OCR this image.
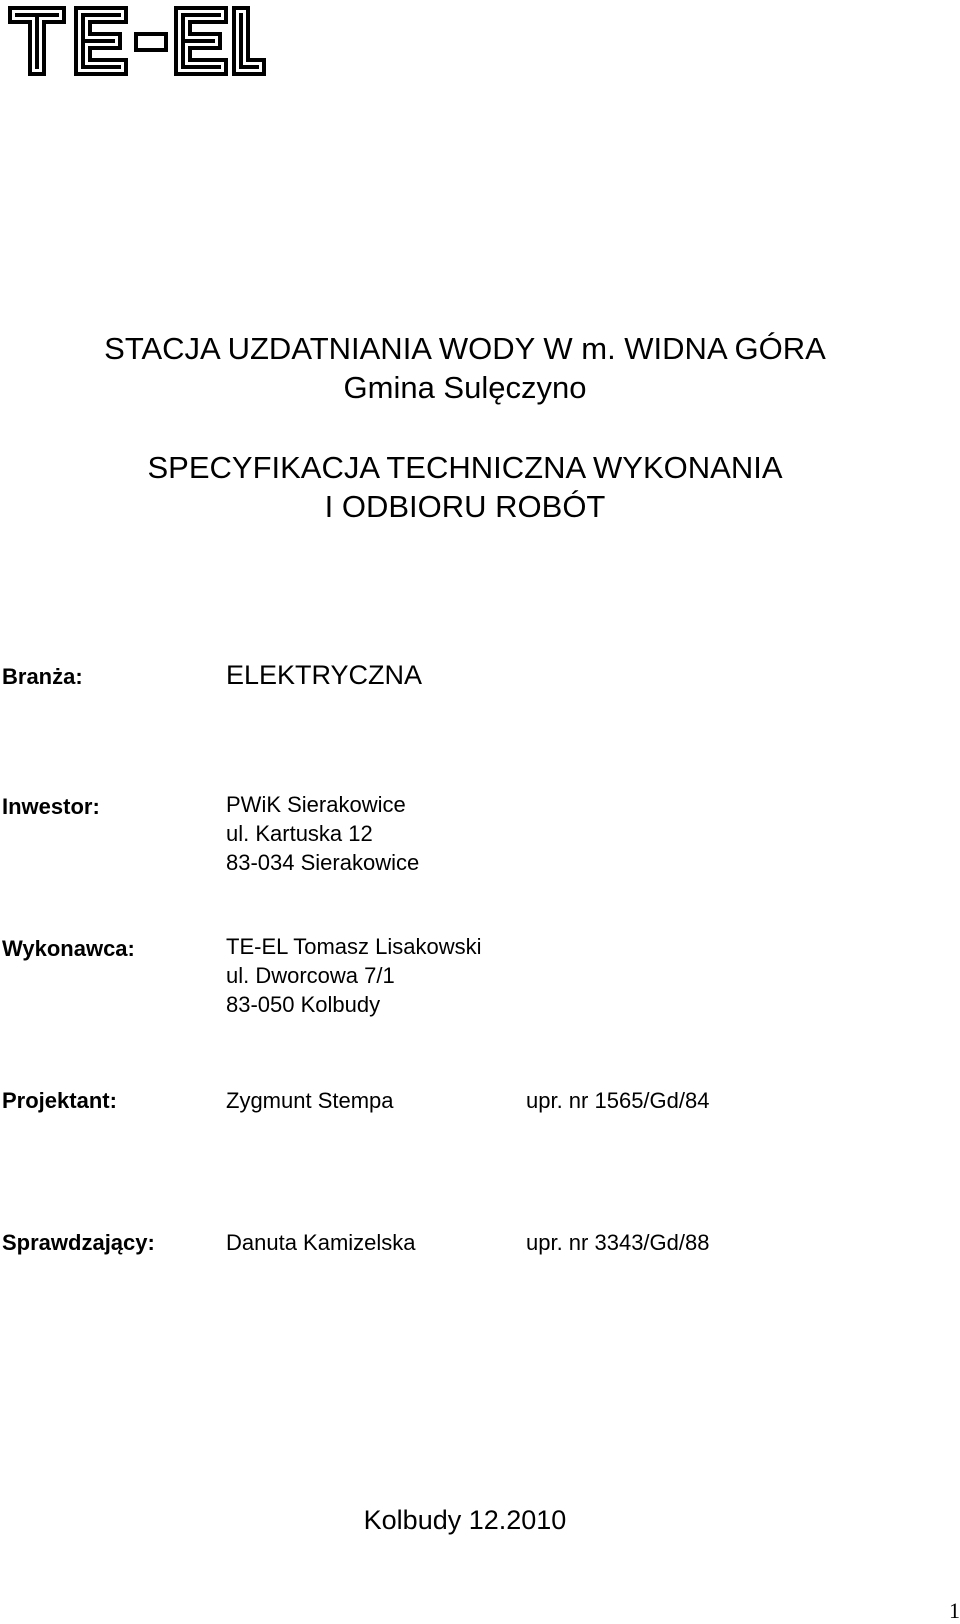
STACJA UZDATNIANIA WODY W m. WIDNA GÓRA
Gmina Sulęczyno
SPECYFIKACJA TECHNICZNA WYKONANIA
I ODBIORU ROBÓT
Branża:	ELEKTRYCZNA
Inwestor:	PWiK Sierakowice
ul. Kartuska 12
83-034 Sierakowice
Wykonawca:	TE-EL Tomasz Lisakowski
ul. Dworcowa 7/1
83-050 Kolbudy
Projektant:	Zygmunt Stempa	upr. nr 1565/Gd/84
Sprawdzający:	Danuta Kamizelska	upr. nr 3343/Gd/88
Kolbudy 12.2010
1
